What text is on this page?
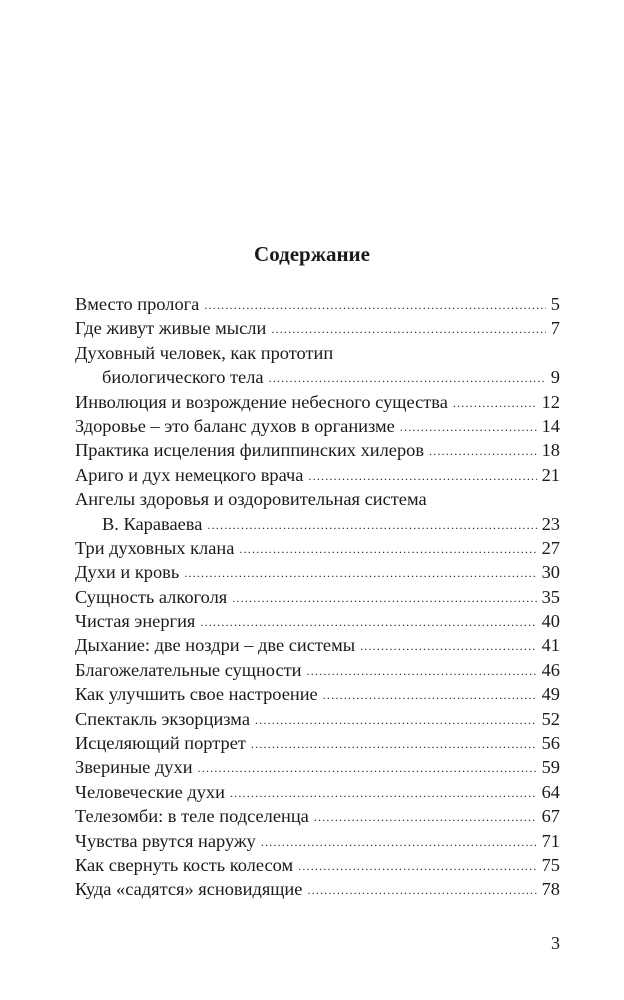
Содержание
Вместо пролога .....	5
Где живут живые мысли .....	7
Духовный человек, как прототип
биологического тела .....	9
Инволюция и возрождение небесного существа .....	12
Здоровье – это баланс духов в организме .....	14
Практика исцеления филиппинских хилеров .....	18
Ариго и дух немецкого врача .....	21
Ангелы здоровья и оздоровительная система
В. Караваева .....	23
Три духовных клана .....	27
Духи и кровь .....	30
Сущность алкоголя .....	35
Чистая энергия .....	40
Дыхание: две ноздри – две системы .....	41
Благожелательные сущности .....	46
Как улучшить свое настроение .....	49
Спектакль экзорцизма .....	52
Исцеляющий портрет .....	56
Звериные духи .....	59
Человеческие духи .....	64
Телезомби: в теле подселенца .....	67
Чувства рвутся наружу .....	71
Как свернуть кость колесом .....	75
Куда «садятся» ясновидящие .....	78
3
